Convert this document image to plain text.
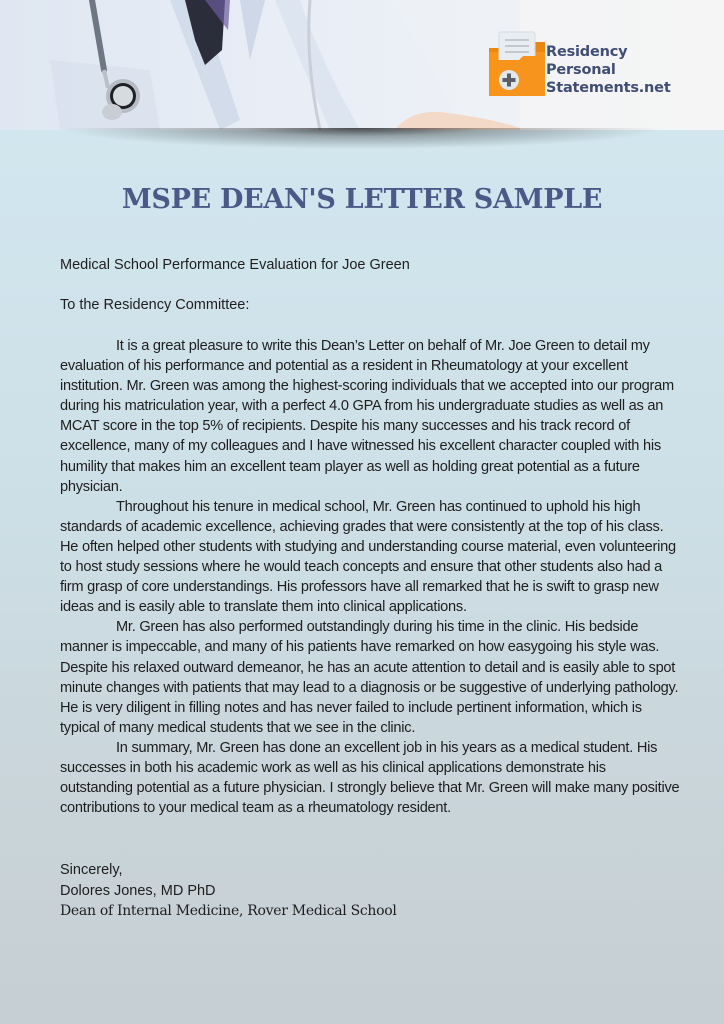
Residency
Personal
Statements.net
MSPE DEAN'S LETTER SAMPLE
Medical School Performance Evaluation for Joe Green
To the Residency Committee:

It is a great pleasure to write this Dean’s Letter on behalf of Mr. Joe Green to detail my evaluation of his performance and potential as a resident in Rheumatology at your excellent institution. Mr. Green was among the highest-scoring individuals that we accepted into our program during his matriculation year, with a perfect 4.0 GPA from his undergraduate studies as well as an MCAT score in the top 5% of recipients. Despite his many successes and his track record of excellence, many of my colleagues and I have witnessed his excellent character coupled with his humility that makes him an excellent team player as well as holding great potential as a future physician.

Throughout his tenure in medical school, Mr. Green has continued to uphold his high standards of academic excellence, achieving grades that were consistently at the top of his class. He often helped other students with studying and understanding course material, even volunteering to host study sessions where he would teach concepts and ensure that other students also had a firm grasp of core understandings. His professors have all remarked that he is swift to grasp new ideas and is easily able to translate them into clinical applications.

Mr. Green has also performed outstandingly during his time in the clinic. His bedside manner is impeccable, and many of his patients have remarked on how easygoing his style was. Despite his relaxed outward demeanor, he has an acute attention to detail and is easily able to spot minute changes with patients that may lead to a diagnosis or be suggestive of underlying pathology. He is very diligent in filling notes and has never failed to include pertinent information, which is typical of many medical students that we see in the clinic.

In summary, Mr. Green has done an excellent job in his years as a medical student. His successes in both his academic work as well as his clinical applications demonstrate his outstanding potential as a future physician. I strongly believe that Mr. Green will make many positive contributions to your medical team as a rheumatology resident.

Sincerely,
Dolores Jones, MD PhD
Dean of Internal Medicine, Rover Medical School
